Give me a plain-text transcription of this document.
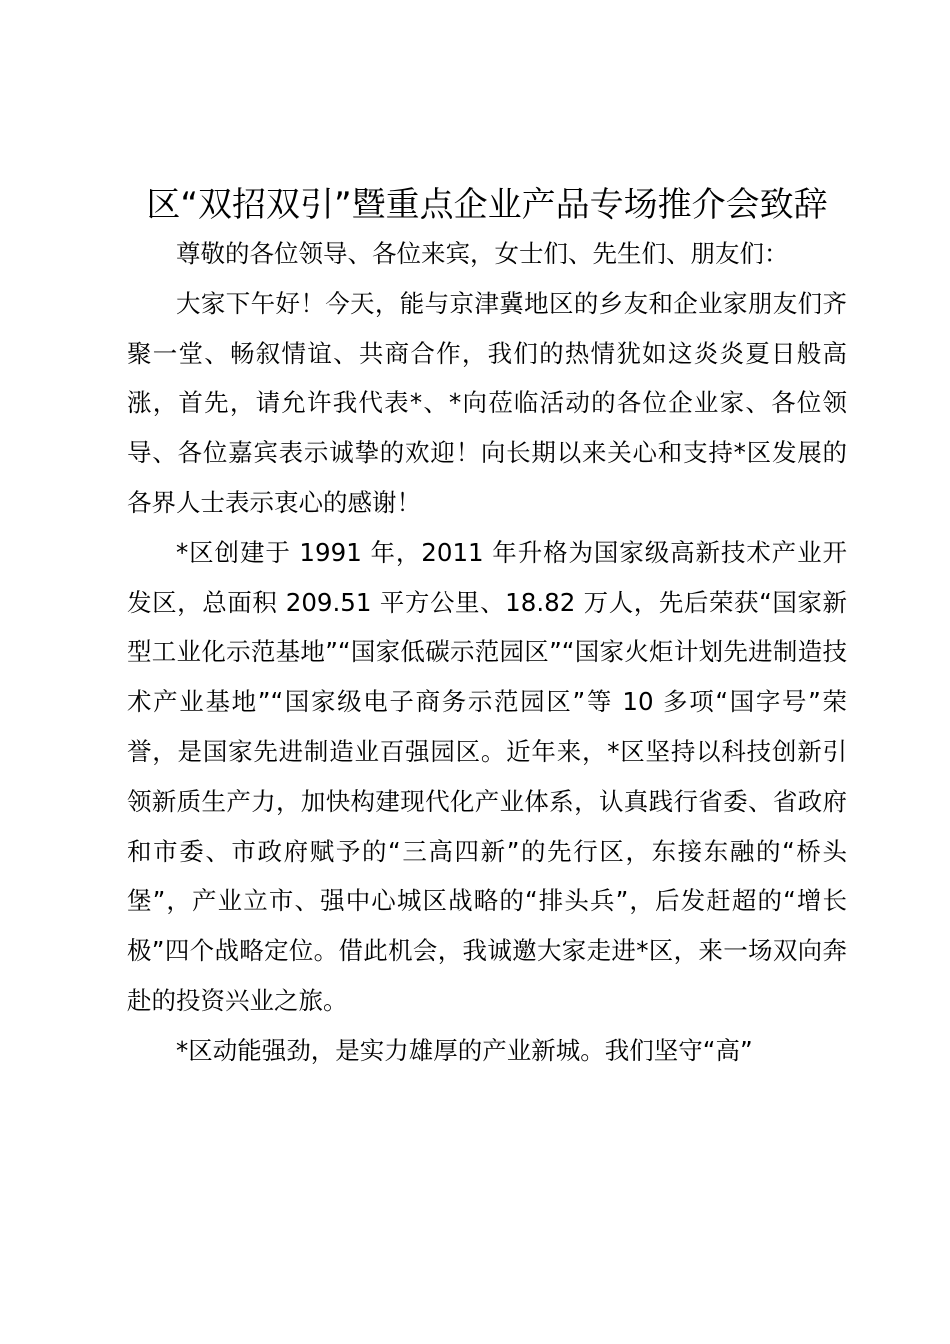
区“双招双引”暨重点企业产品专场推介会致辞

尊敬的各位领导、各位来宾，女士们、先生们、朋友们：

大家下午好！今天，能与京津冀地区的乡友和企业家朋友们齐聚一堂、畅叙情谊、共商合作，我们的热情犹如这炎炎夏日般高涨，首先，请允许我代表*、*向莅临活动的各位企业家、各位领导、各位嘉宾表示诚挚的欢迎！向长期以来关心和支持*区发展的各界人士表示衷心的感谢！

*区创建于 1991 年，2011 年升格为国家级高新技术产业开发区，总面积 209.51 平方公里、18.82 万人，先后荣获“国家新型工业化示范基地”“国家低碳示范园区”“国家火炬计划先进制造技术产业基地”“国家级电子商务示范园区”等 10 多项“国字号”荣誉，是国家先进制造业百强园区。近年来，*区坚持以科技创新引领新质生产力，加快构建现代化产业体系，认真践行省委、省政府和市委、市政府赋予的“三高四新”的先行区，东接东融的“桥头堡”，产业立市、强中心城区战略的“排头兵”，后发赶超的“增长极”四个战略定位。借此机会，我诚邀大家走进*区，来一场双向奔赴的投资兴业之旅。

*区动能强劲，是实力雄厚的产业新城。我们坚守“高”
